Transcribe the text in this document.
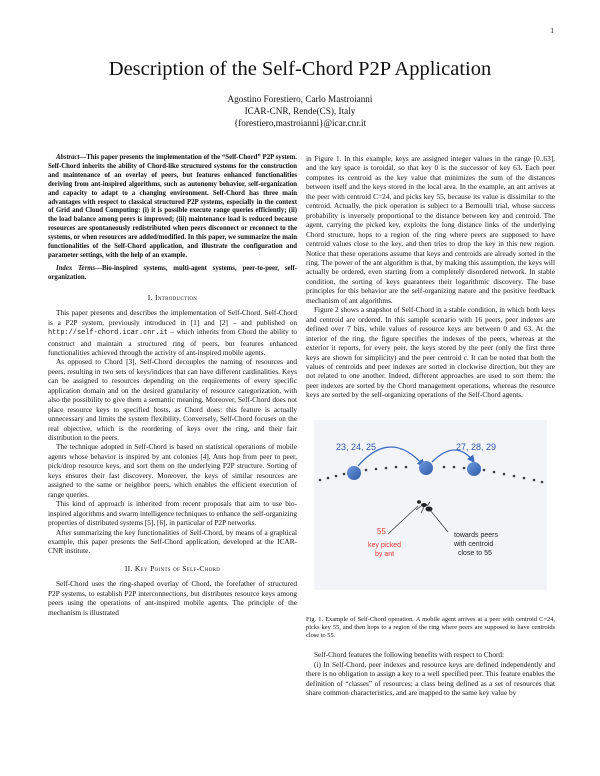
1
Description of the Self-Chord P2P Application

Agostino Forestiero, Carlo Mastroianni

ICAR-CNR, Rende(CS), Italy

{forestiero,mastroianni}@icar.cnr.it

Abstract—This paper presents the implementation of the “Self-Chord” P2P system. Self-Chord inherits the ability of Chord-like structured systems for the construction and maintenance of an overlay of peers, but features enhanced functionalities deriving from ant-inspired algorithms, such as autonomy behavior, self-organization and capacity to adapt to a changing environment. Self-Chord has three main advantages with respect to classical structured P2P systems, especially in the context of Grid and Cloud Computing: (i) it is possible execute range queries efficiently; (ii) the load balance among peers is improved; (iii) maintenance load is reduced because resources are spontaneously redistributed when peers disconnect or reconnect to the systems, or when resources are added/modified. In this paper, we summarize the main functionalities of the Self-Chord application, and illustrate the configuration and parameter settings, with the help of an example.

Index Terms—Bio-inspired systems, multi-agent systems, peer-to-peer, self-organization.

I. Introduction

This paper presents and describes the implementation of Self-Chord. Self-Chord is a P2P system, previously introduced in [1] and [2] – and published on http://self-chord.icar.cnr.it – which inherits from Chord the ability to construct and maintain a structured ring of peers, but features enhanced functionalities achieved through the activity of ant-inspired mobile agents.

As opposed to Chord [3], Self-Chord decouples the naming of resources and peers, resulting in two sets of keys/indices that can have different cardinalities. Keys can be assigned to resources depending on the requirements of every specific application domain and on the desired granularity of resource categorization, with also the possibility to give them a semantic meaning. Moreover, Self-Chord does not place resource keys to specified hosts, as Chord does: this feature is actually unnecessary and limits the system flexibility. Conversely, Self-Chord focuses on the real objective, which is the reordering of keys over the ring, and their fair distribution to the peers.

The technique adopted in Self-Chord is based on statistical operations of mobile agents whose behavior is inspired by ant colonies [4]. Ants hop from peer to peer, pick/drop resource keys, and sort them on the underlying P2P structure. Sorting of keys ensures their fast discovery. Moreover, the keys of similar resources are assigned to the same or neighbor peers, which enables the efficient execution of range queries.

This kind of approach is inherited from recent proposals that aim to use bio-inspired algorithms and swarm intelligence techniques to enhance the self-organizing properties of distributed systems [5], [6], in particular of P2P networks.

After summarizing the key functionalities of Self-Chord, by means of a graphical example, this paper presents the Self-Chord application, developed at the ICAR-CNR institute.

II. Key Points of Self-Chord

Self-Chord uses the ring-shaped overlay of Chord, the forefather of structured P2P systems, to establish P2P interconnections, but distributes resource keys among peers using the operations of ant-inspired mobile agents. The principle of the mechanism is illustrated

in Figure 1. In this example, keys are assigned integer values in the range [0..63], and the key space is toroidal, so that key 0 is the successor of key 63. Each peer computes its centroid as the key value that minimizes the sum of the distances between itself and the keys stored in the local area. In the example, an ant arrives at the peer with centroid C=24, and picks key 55, because its value is dissimilar to the centroid. Actually, the pick operation is subject to a Bernoulli trial, whose success probability is inversely proportional to the distance between key and centroid. The agent, carrying the picked key, exploits the long distance links of the underlying Chord structure, hops to a region of the ring where peers are supposed to have centroid values close to the key, and then tries to drop the key in this new region. Notice that these operations assume that keys and centroids are already sorted in the ring. The power of the ant algorithm is that, by making this assumption, the keys will actually be ordered, even starting from a completely disordered network. In stable condition, the sorting of keys guarantees their logarithmic discovery. The base principles for this behavior are the self-organizing nature and the positive feedback mechanism of ant algorithms.

Figure 2 shows a snapshot of Self-Chord in a stable condition, in which both keys and centroid are ordered. In this sample scenario with 16 peers, peer indexes are defined over 7 bits, while values of resource keys are between 0 and 63. At the interior of the ring, the figure specifies the indexes of the peers, whereas at the exterior it reports, for every peer, the keys stored by the peer (only the first three keys are shown for simplicity) and the peer centroid c. It can be noted that both the values of centroids and peer indexes are sorted in clockwise direction, but they are not related to one another. Indeed, different approaches are used to sort them: the peer indexes are sorted by the Chord management operations, whereas the resource keys are sorted by the self-organizing operations of the Self-Chord agents.

23, 24, 25	27, 28, 29
55
key picked
by ant
towards peers
with centroid
close to 55

Fig. 1. Example of Self-Chord operation. A mobile agent arrives at a peer with centroid C=24, picks key 55, and then hops to a region of the ring where peers are supposed to have centroids close to 55.

Self-Chord features the following benefits with respect to Chord:

(i) In Self-Chord, peer indexes and resource keys are defined independently and there is no obligation to assign a key to a well specified peer. This feature enables the definition of “classes” of resources; a class being defined as a set of resources that share common characteristics, and are mapped to the same key value by
